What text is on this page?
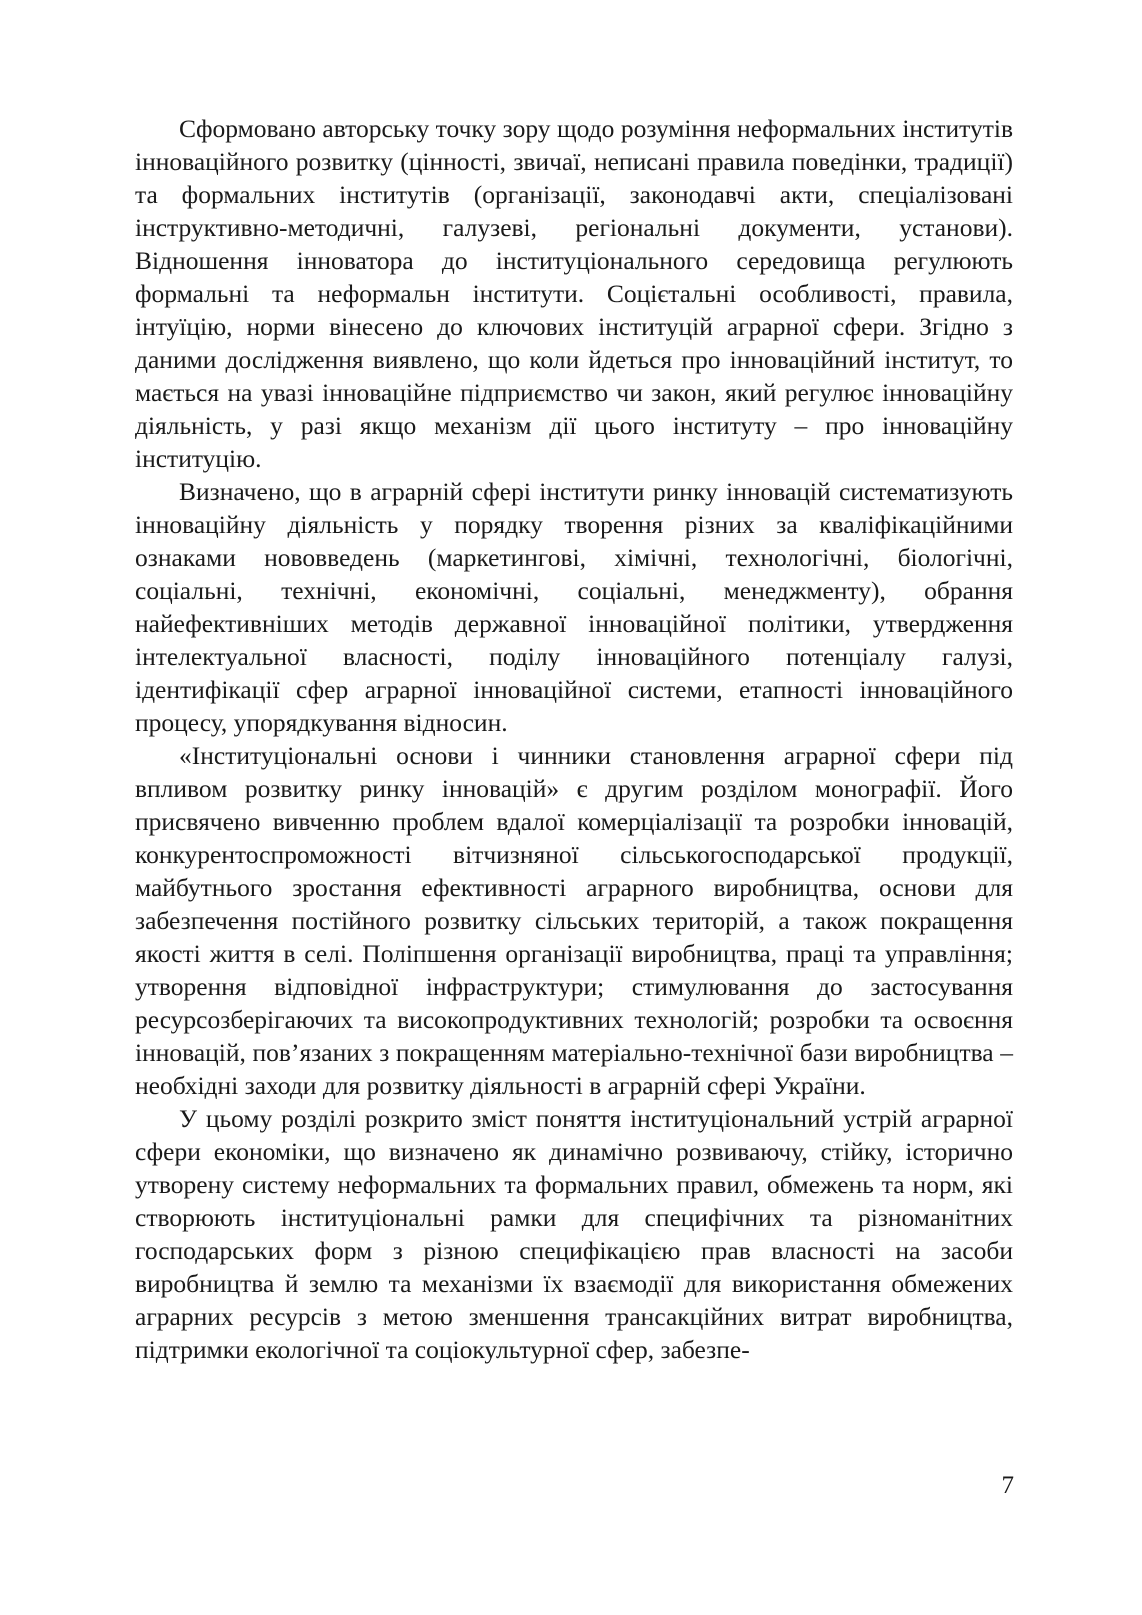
Сформовано авторську точку зору щодо розуміння неформальних інститутів інноваційного розвитку (цінності, звичаї, неписані правила поведінки, традиції) та формальних інститутів (організації, законодавчі акти, спеціалізовані інструктивно-методичні, галузеві, регіональні документи, установи). Відношення інноватора до інституціонального середовища регулюють формальні та неформальн інститути. Соцієтальні особливості, правила, інтуїцію, норми вінесено до ключових інституцій аграрної сфери. Згідно з даними дослідження виявлено, що коли йдеться про інноваційний інститут, то мається на увазі інноваційне підприємство чи закон, який регулює інноваційну діяльність, у разі якщо механізм дії цього інституту – про інноваційну інституцію.

Визначено, що в аграрній сфері інститути ринку інновацій систематизують інноваційну діяльність у порядку творення різних за кваліфікаційними ознаками нововведень (маркетингові, хімічні, технологічні, біологічні, соціальні, технічні, економічні, соціальні, менеджменту), обрання найефективніших методів державної інноваційної політики, утвердження інтелектуальної власності, поділу інноваційного потенціалу галузі, ідентифікації сфер аграрної інноваційної системи, етапності інноваційного процесу, упорядкування відносин.

«Інституціональні основи і чинники становлення аграрної сфери під впливом розвитку ринку інновацій» є другим розділом монографії. Його присвячено вивченню проблем вдалої комерціалізації та розробки інновацій, конкурентоспроможності вітчизняної сільськогосподарської продукції, майбутнього зростання ефективності аграрного виробництва, основи для забезпечення постійного розвитку сільських територій, а також покращення якості життя в селі. Поліпшення організації виробництва, праці та управління; утворення відповідної інфраструктури; стимулювання до застосування ресурсозберігаючих та високопродуктивних технологій; розробки та освоєння інновацій, пов’язаних з покращенням матеріально-технічної бази виробництва – необхідні заходи для розвитку діяльності в аграрній сфері України.

У цьому розділі розкрито зміст поняття інституціональний устрій аграрної сфери економіки, що визначено як динамічно розвиваючу, стійку, історично утворену систему неформальних та формальних правил, обмежень та норм, які створюють інституціональні рамки для специфічних та різноманітних господарських форм з різною специфікацією прав власності на засоби виробництва й землю та механізми їх взаємодії для використання обмежених аграрних ресурсів з метою зменшення трансакційних витрат виробництва, підтримки екологічної та соціокультурної сфер, забезпе-

7
